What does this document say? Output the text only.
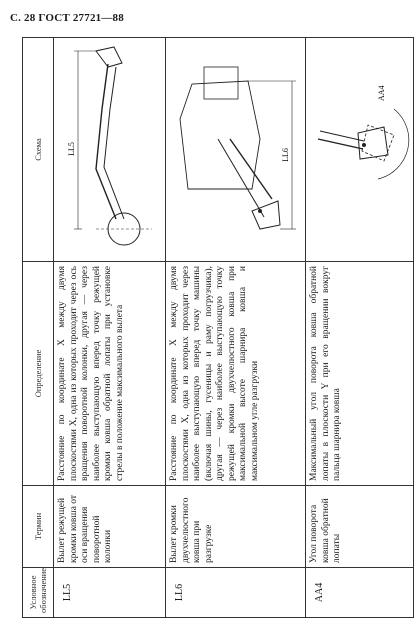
С. 28 ГОСТ 27721—88
Условное обозначение	Термин	Определение	Схема
LL5	Вылет режущей кромки ковша от оси вращения поворотной колонки	Расстояние по координате X между двумя плоскостями X, одна из которых проходит через ось вращения поворотной колонки, другая — через наиболее выступающую вперед точку режущей кромки ковша обратной лопаты при установке стрелы в положение максимального вылета	LL5

LL6	Вылет кромки двухчелюстного ковша при разгрузке	Расстояние по координате X между двумя плоскостями X, одна из которых проходит через наиболее выступающую вперед точку машины (включая шины, гусеницы и раму погрузчика), другая — через наиболее выступающую точку режущей кромки двухчелюстного ковша при максимальной высоте шарнира ковша и максимальном угле разгрузки	LL6

AA4	Угол поворота ковша обратной лопаты	Максимальный угол поворота ковша обратной лопаты в плоскости Y при его вращении вокруг пальца шарнира ковша	AA4
